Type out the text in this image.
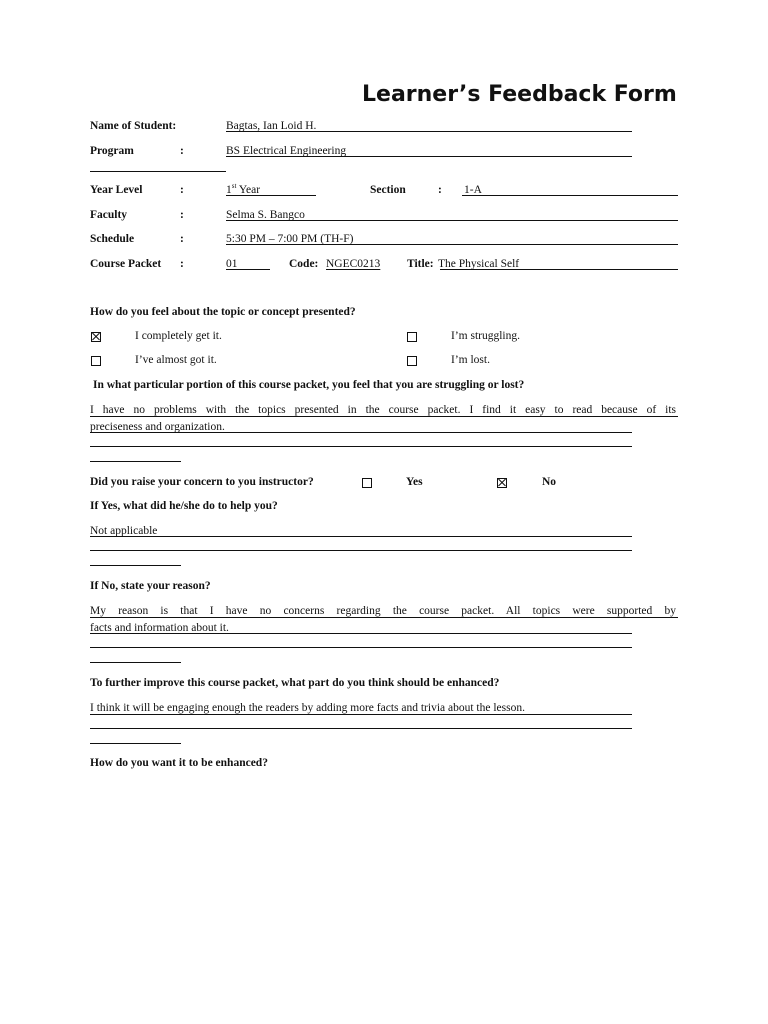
Learner’s Feedback Form
Name of Student:	Bagtas, Ian Loid H.
Program	:	BS Electrical Engineering
Year Level	:	1st Year	Section	: 1-A
Faculty	:	Selma S. Bangco
Schedule	:	5:30 PM – 7:00 PM (TH-F)
Course Packet :	01	Code: NGEC0213 Title: The Physical Self
How do you feel about the topic or concept presented?
I completely get it.	I’m struggling.
I’ve almost got it.	I’m lost.
In what particular portion of this course packet, you feel that you are struggling or lost?
I have no problems with the topics presented in the course packet. I find it easy to read because of its
preciseness and organization.
Did you raise your concern to you instructor?	Yes	No
If Yes, what did he/she do to help you?
Not applicable
If No, state your reason?
My reason is that I have no concerns regarding the course packet. All topics were supported by
facts and information about it.
To further improve this course packet, what part do you think should be enhanced?
I think it will be engaging enough the readers by adding more facts and trivia about the lesson.
How do you want it to be enhanced?
